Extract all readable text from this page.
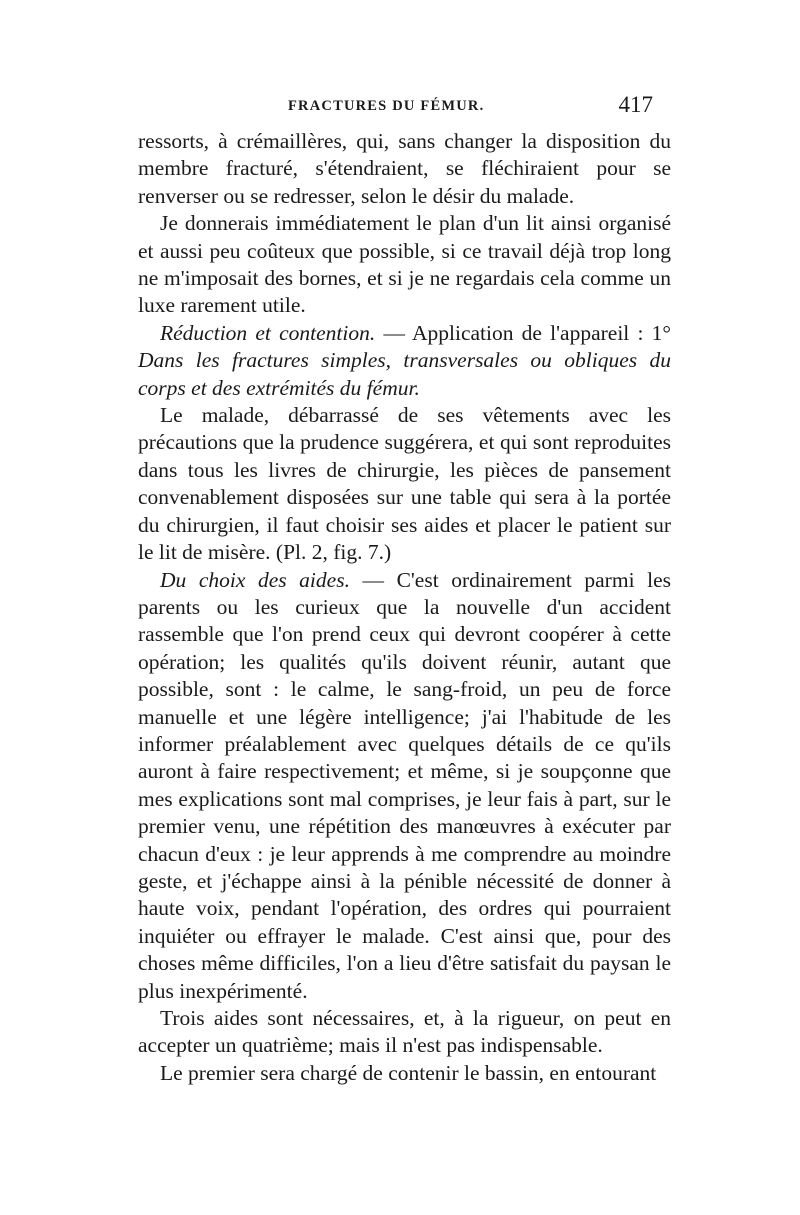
FRACTURES DU FÉMUR.	417

ressorts, à crémaillères, qui, sans changer la disposition du membre fracturé, s'étendraient, se fléchiraient pour se renverser ou se redresser, selon le désir du malade.

Je donnerais immédiatement le plan d'un lit ainsi organisé et aussi peu coûteux que possible, si ce travail déjà trop long ne m'imposait des bornes, et si je ne regardais cela comme un luxe rarement utile.

Réduction et contention. — Application de l'appareil : 1° Dans les fractures simples, transversales ou obliques du corps et des extrémités du fémur.

Le malade, débarrassé de ses vêtements avec les précautions que la prudence suggérera, et qui sont reproduites dans tous les livres de chirurgie, les pièces de pansement convenablement disposées sur une table qui sera à la portée du chirurgien, il faut choisir ses aides et placer le patient sur le lit de misère. (Pl. 2, fig. 7.)

Du choix des aides. — C'est ordinairement parmi les parents ou les curieux que la nouvelle d'un accident rassemble que l'on prend ceux qui devront coopérer à cette opération; les qualités qu'ils doivent réunir, autant que possible, sont : le calme, le sang-froid, un peu de force manuelle et une légère intelligence; j'ai l'habitude de les informer préalablement avec quelques détails de ce qu'ils auront à faire respectivement; et même, si je soupçonne que mes explications sont mal comprises, je leur fais à part, sur le premier venu, une répétition des manœuvres à exécuter par chacun d'eux : je leur apprends à me comprendre au moindre geste, et j'échappe ainsi à la pénible nécessité de donner à haute voix, pendant l'opération, des ordres qui pourraient inquiéter ou effrayer le malade. C'est ainsi que, pour des choses même difficiles, l'on a lieu d'être satisfait du paysan le plus inexpérimenté.

Trois aides sont nécessaires, et, à la rigueur, on peut en accepter un quatrième; mais il n'est pas indispensable.

Le premier sera chargé de contenir le bassin, en entourant
